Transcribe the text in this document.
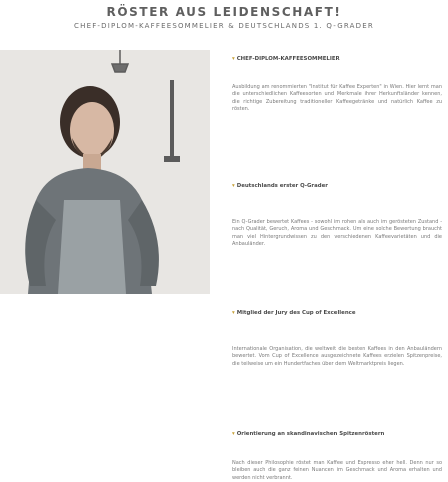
RÖSTER AUS LEIDENSCHAFT!
CHEF-DIPLOM-KAFFEESOMMELIER & DEUTSCHLANDS 1. Q-GRADER
▾ CHEF-DIPLOM-KAFFEESOMMELIER

Ausbildung am renommierten "Institut für Kaffee Experten" in Wien. Hier lernt man die unterschiedlichen Kaffeesorten und Merkmale ihrer Herkunftsländer kennen, die richtige Zubereitung traditioneller Kaffeegetränke und natürlich Kaffee zu rösten.

▾ Deutschlands erster Q-Grader

Ein Q-Grader bewertet Kaffees - sowohl im rohen als auch im gerösteten Zustand - nach Qualität, Geruch, Aroma und Geschmack. Um eine solche Bewertung braucht man viel Hintergrundwissen zu den verschiedenen Kaffeevarietäten und die Anbauländer.

▾ Mitglied der Jury des Cup of Excellence

Internationale Organisation, die weltweit die besten Kaffees in den Anbauländern bewertet. Vom Cup of Excellence ausgezeichnete Kaffees erzielen Spitzenpreise, die teilweise um ein Hundertfaches über dem Weltmarktpreis liegen.

▾ Orientierung an skandinavischen Spitzenröstern

Nach dieser Philosophie röstet man Kaffee und Espresso eher hell. Denn nur so bleiben auch die ganz feinen Nuancen im Geschmack und Aroma erhalten und werden nicht verbrannt.
